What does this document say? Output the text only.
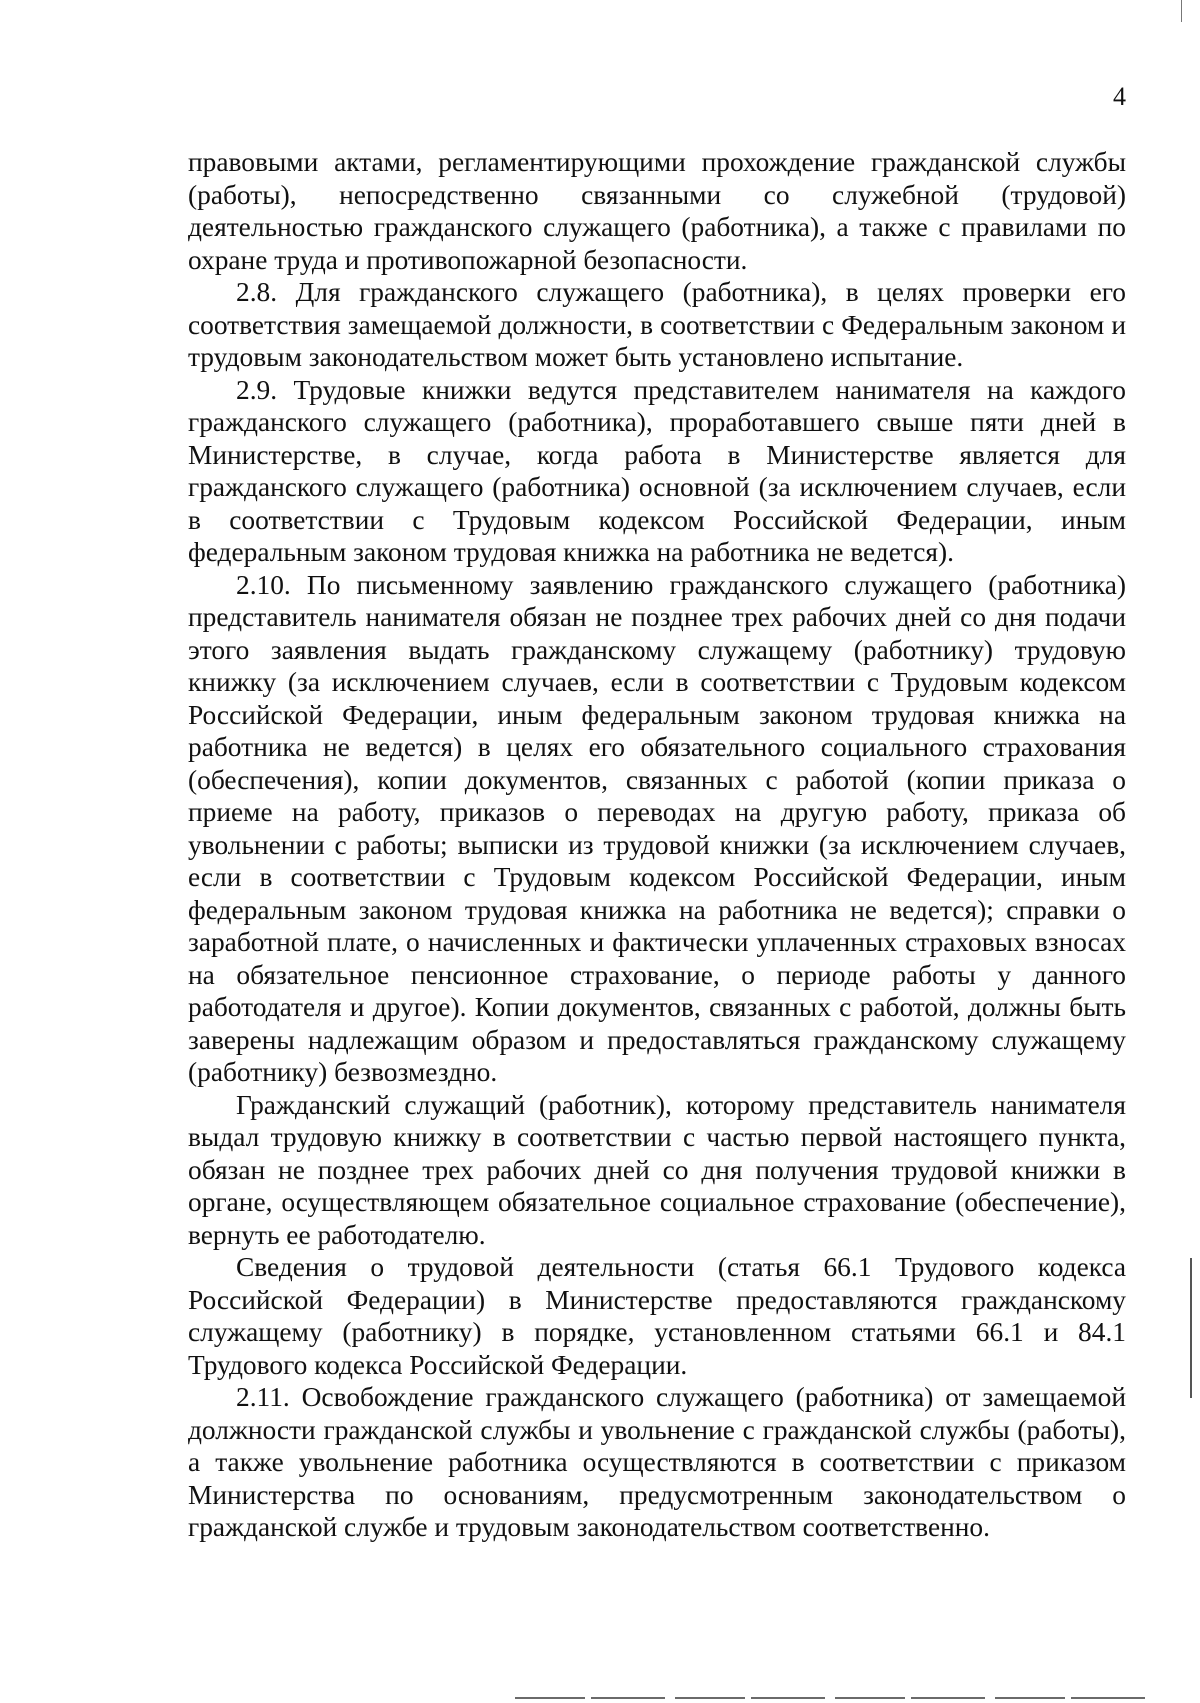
4

правовыми актами, регламентирующими прохождение гражданской службы (работы), непосредственно связанными со служебной (трудовой) деятельностью гражданского служащего (работника), а также с правилами по охране труда и противопожарной безопасности.

2.8. Для гражданского служащего (работника), в целях проверки его соответствия замещаемой должности, в соответствии с Федеральным законом и трудовым законодательством может быть установлено испытание.

2.9. Трудовые книжки ведутся представителем нанимателя на каждого гражданского служащего (работника), проработавшего свыше пяти дней в Министерстве, в случае, когда работа в Министерстве является для гражданского служащего (работника) основной (за исключением случаев, если в соответствии с Трудовым кодексом Российской Федерации, иным федеральным законом трудовая книжка на работника не ведется).

2.10. По письменному заявлению гражданского служащего (работника) представитель нанимателя обязан не позднее трех рабочих дней со дня подачи этого заявления выдать гражданскому служащему (работнику) трудовую книжку (за исключением случаев, если в соответствии с Трудовым кодексом Российской Федерации, иным федеральным законом трудовая книжка на работника не ведется) в целях его обязательного социального страхования (обеспечения), копии документов, связанных с работой (копии приказа о приеме на работу, приказов о переводах на другую работу, приказа об увольнении с работы; выписки из трудовой книжки (за исключением случаев, если в соответствии с Трудовым кодексом Российской Федерации, иным федеральным законом трудовая книжка на работника не ведется); справки о заработной плате, о начисленных и фактически уплаченных страховых взносах на обязательное пенсионное страхование, о периоде работы у данного работодателя и другое). Копии документов, связанных с работой, должны быть заверены надлежащим образом и предоставляться гражданскому служащему (работнику) безвозмездно.

Гражданский служащий (работник), которому представитель нанимателя выдал трудовую книжку в соответствии с частью первой настоящего пункта, обязан не позднее трех рабочих дней со дня получения трудовой книжки в органе, осуществляющем обязательное социальное страхование (обеспечение), вернуть ее работодателю.

Сведения о трудовой деятельности (статья 66.1 Трудового кодекса Российской Федерации) в Министерстве предоставляются гражданскому служащему (работнику) в порядке, установленном статьями 66.1 и 84.1 Трудового кодекса Российской Федерации.

2.11. Освобождение гражданского служащего (работника) от замещаемой должности гражданской службы и увольнение с гражданской службы (работы), а также увольнение работника осуществляются в соответствии с приказом Министерства по основаниям, предусмотренным законодательством о гражданской службе и трудовым законодательством соответственно.
